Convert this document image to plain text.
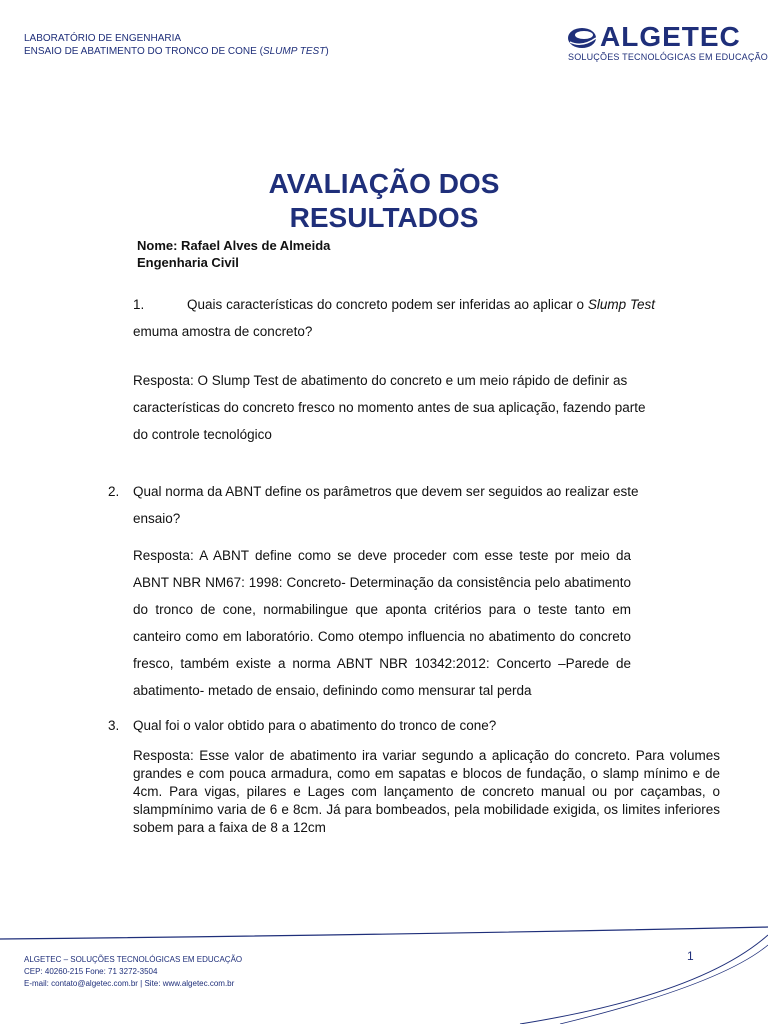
LABORATÓRIO DE ENGENHARIA
ENSAIO DE ABATIMENTO DO TRONCO DE CONE (SLUMP TEST)	ALGETEC
SOLUÇÕES TECNOLÓGICAS EM EDUCAÇÃO
AVALIAÇÃO DOS
RESULTADOS
Nome: Rafael Alves de Almeida
Engenharia Civil
1.	Quais características do concreto podem ser inferidas ao aplicar o Slump Test emuma amostra de concreto?
Resposta: O Slump Test de abatimento do concreto e um meio rápido de definir as características do concreto fresco no momento antes de sua aplicação, fazendo parte do controle tecnológico
2. Qual norma da ABNT define os parâmetros que devem ser seguidos ao realizar este ensaio?
Resposta: A ABNT define como se deve proceder com esse teste por meio da ABNT NBR NM67: 1998: Concreto- Determinação da consistência pelo abatimento do tronco de cone, normabilingue que aponta critérios para o teste tanto em canteiro como em laboratório. Como otempo influencia no abatimento do concreto fresco, também existe a norma ABNT NBR 10342:2012: Concerto –Parede de abatimento- metado de ensaio, definindo como mensurar tal perda
3. Qual foi o valor obtido para o abatimento do tronco de cone?
Resposta: Esse valor de abatimento ira variar segundo a aplicação do concreto. Para volumes grandes e com pouca armadura, como em sapatas e blocos de fundação, o slamp mínimo e de 4cm. Para vigas, pilares e Lages com lançamento de concreto manual ou por caçambas, o slampmínimo varia de 6 e 8cm. Já para bombeados, pela mobilidade exigida, os limites inferiores sobem para a faixa de 8 a 12cm
1
ALGETEC – SOLUÇÕES TECNOLÓGICAS EM EDUCAÇÃO
CEP: 40260-215 Fone: 71 3272-3504
E-mail: contato@algetec.com.br | Site: www.algetec.com.br
